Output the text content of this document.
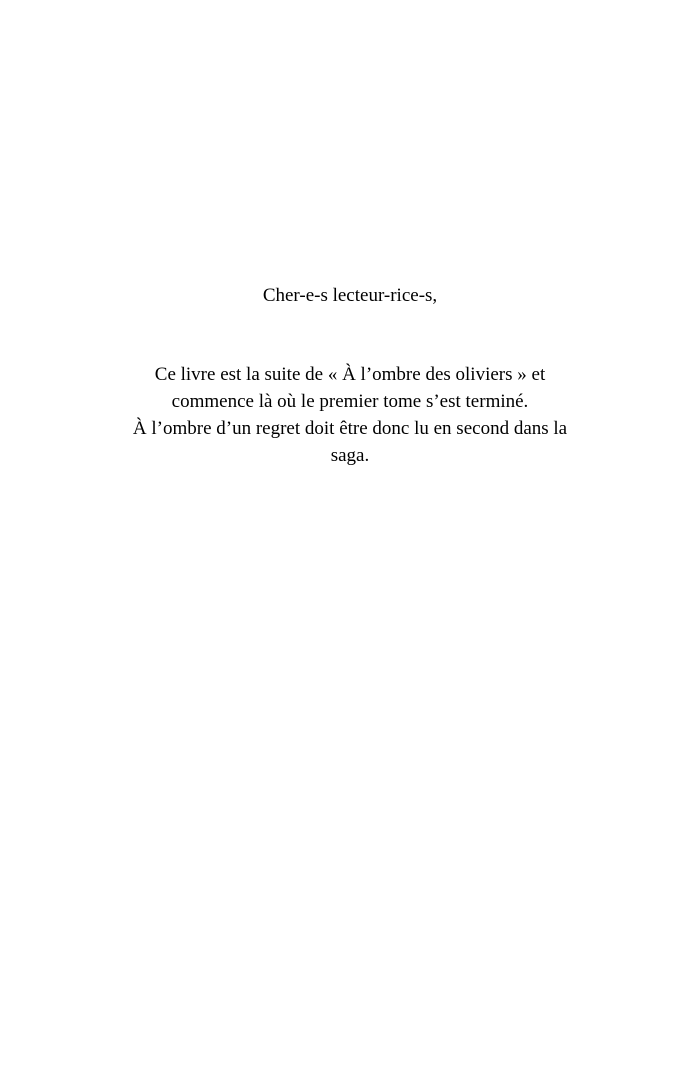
Cher-e-s lecteur-rice-s,

Ce livre est la suite de « À l’ombre des oliviers » et
commence là où le premier tome s’est terminé.
À l’ombre d’un regret doit être donc lu en second dans la
saga.
